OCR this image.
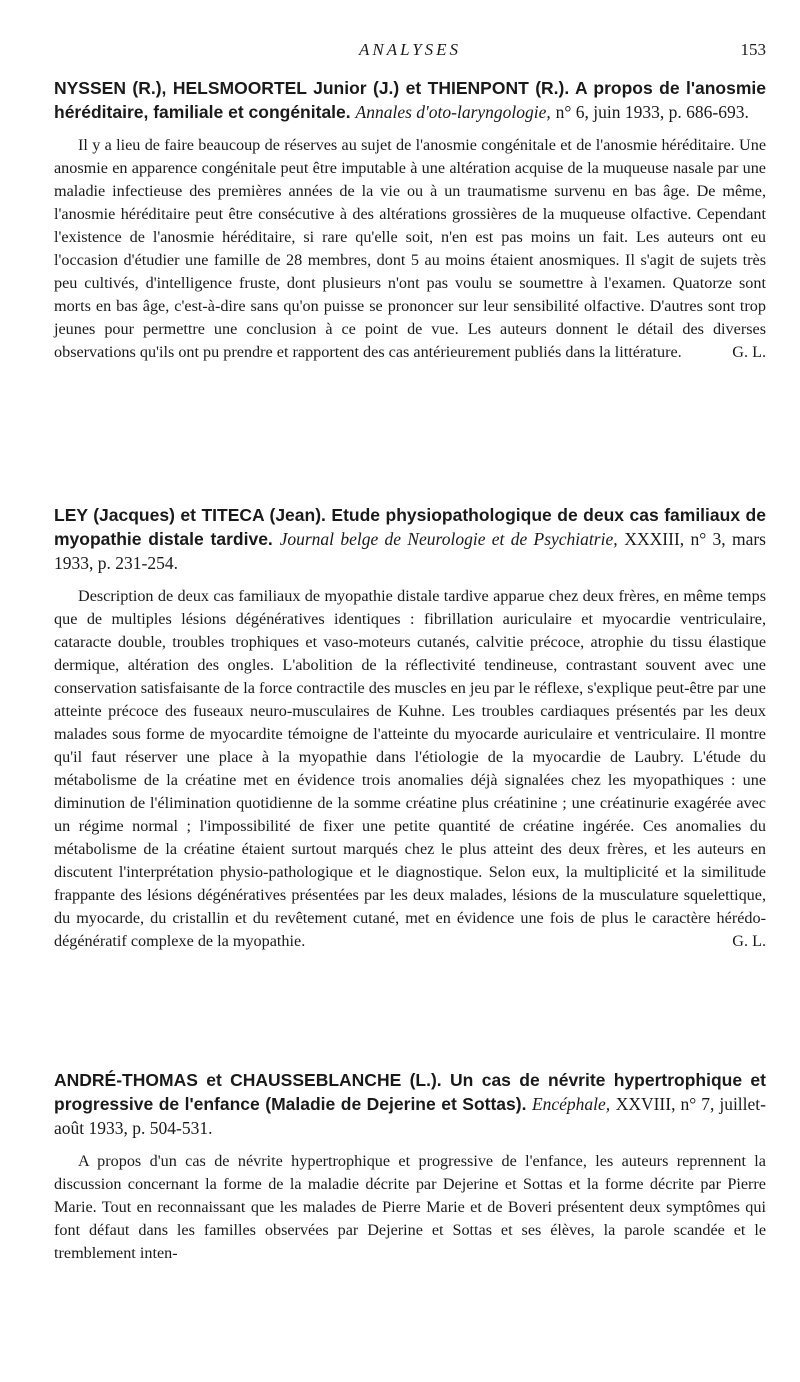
ANALYSES	153

NYSSEN (R.), HELSMOORTEL Junior (J.) et THIENPONT (R.). A propos de l'anosmie héréditaire, familiale et congénitale. Annales d'oto-laryngologie, n° 6, juin 1933, p. 686-693.

Il y a lieu de faire beaucoup de réserves au sujet de l'anosmie congénitale et de l'anosmie héréditaire. Une anosmie en apparence congénitale peut être imputable à une altération acquise de la muqueuse nasale par une maladie infectieuse des premières années de la vie ou à un traumatisme survenu en bas âge. De même, l'anosmie héréditaire peut être consécutive à des altérations grossières de la muqueuse olfactive. Cependant l'existence de l'anosmie héréditaire, si rare qu'elle soit, n'en est pas moins un fait. Les auteurs ont eu l'occasion d'étudier une famille de 28 membres, dont 5 au moins étaient anosmiques. Il s'agit de sujets très peu cultivés, d'intelligence fruste, dont plusieurs n'ont pas voulu se soumettre à l'examen. Quatorze sont morts en bas âge, c'est-à-dire sans qu'on puisse se prononcer sur leur sensibilité olfactive. D'autres sont trop jeunes pour permettre une conclusion à ce point de vue. Les auteurs donnent le détail des diverses observations qu'ils ont pu prendre et rapportent des cas antérieurement publiés dans la littérature.	G. L.

LEY (Jacques) et TITECA (Jean). Etude physiopathologique de deux cas familiaux de myopathie distale tardive. Journal belge de Neurologie et de Psychiatrie, XXXIII, n° 3, mars 1933, p. 231-254.

Description de deux cas familiaux de myopathie distale tardive apparue chez deux frères, en même temps que de multiples lésions dégénératives identiques : fibrillation auriculaire et myocardie ventriculaire, cataracte double, troubles trophiques et vaso-moteurs cutanés, calvitie précoce, atrophie du tissu élastique dermique, altération des ongles. L'abolition de la réflectivité tendineuse, contrastant souvent avec une conservation satisfaisante de la force contractile des muscles en jeu par le réflexe, s'explique peut-être par une atteinte précoce des fuseaux neuro-musculaires de Kuhne. Les troubles cardiaques présentés par les deux malades sous forme de myocardite témoigne de l'atteinte du myocarde auriculaire et ventriculaire. Il montre qu'il faut réserver une place à la myopathie dans l'étiologie de la myocardie de Laubry. L'étude du métabolisme de la créatine met en évidence trois anomalies déjà signalées chez les myopathiques : une diminution de l'élimination quotidienne de la somme créatine plus créatinine ; une créatinurie exagérée avec un régime normal ; l'impossibilité de fixer une petite quantité de créatine ingérée. Ces anomalies du métabolisme de la créatine étaient surtout marqués chez le plus atteint des deux frères, et les auteurs en discutent l'interprétation physio-pathologique et le diagnostique. Selon eux, la multiplicité et la similitude frappante des lésions dégénératives présentées par les deux malades, lésions de la musculature squelettique, du myocarde, du cristallin et du revêtement cutané, met en évidence une fois de plus le caractère hérédo-dégénératif complexe de la myopathie.	G. L.

ANDRÉ-THOMAS et CHAUSSEBLANCHE (L.). Un cas de névrite hypertrophique et progressive de l'enfance (Maladie de Dejerine et Sottas). Encéphale, XXVIII, n° 7, juillet-août 1933, p. 504-531.

A propos d'un cas de névrite hypertrophique et progressive de l'enfance, les auteurs reprennent la discussion concernant la forme de la maladie décrite par Dejerine et Sottas et la forme décrite par Pierre Marie. Tout en reconnaissant que les malades de Pierre Marie et de Boveri présentent deux symptômes qui font défaut dans les familles observées par Dejerine et Sottas et ses élèves, la parole scandée et le tremblement inten-
